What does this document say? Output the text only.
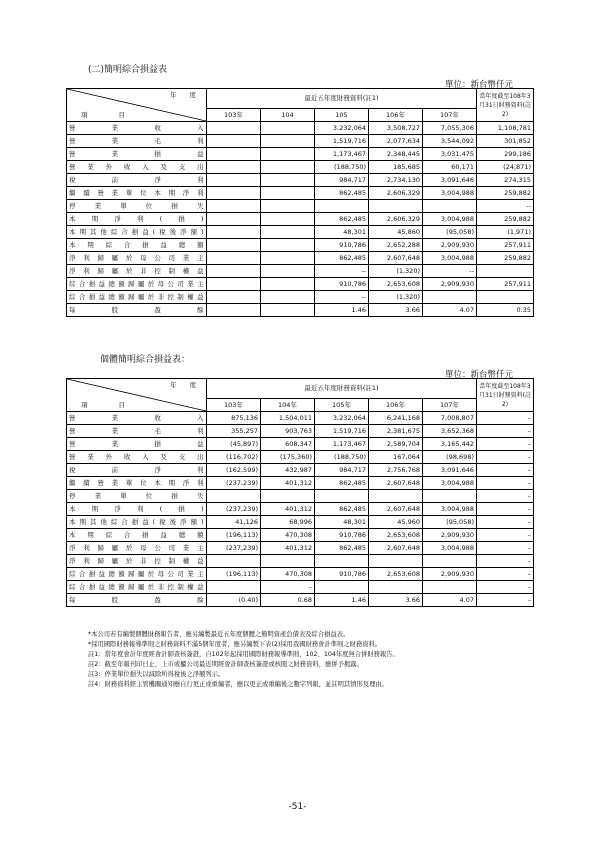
(二)簡明綜合損益表
單位：新台幣仟元
年　　度
項　　目	最近五年度財務資料(註1)					當年度截至108年3月31日財務資料(註2)
	103年	104	105	106年	107年	
營業收入			3,232,064	3,508,727	7,055,306	1,108,781
營業毛利			1,519,716	2,077,634	3,544,092	301,852
營業損益			1,173,467	2,348,445	3,031,475	299,186
營業外收入及支出			(188,750)	185,685	60,171	(24,871)
稅前淨利			984,717	2,734,130	3,091,646	274,315
繼續營業單位本期淨利			862,485	2,606,329	3,004,988	259,882
停業單位損失						--
本期淨利(損)			862,485	2,606,329	3,004,988	259,882
本期其他綜合損益(稅後淨額)			48,301	45,860	(95,058)	(1,971)
本期綜合損益總額			910,786	2,652,288	2,909,930	257,911
淨利歸屬於母公司業主			862,485	2,607,648	3,004,988	259,882
淨利歸屬於非控制權益			--	(1,320)	--	
綜合損益總額歸屬於母公司業主			910,786	2,653,608	2,909,930	257,911
綜合損益總額歸屬於非控制權益			--	(1,320)		
每股盈餘			1.46	3.66	4.07	0.35
個體簡明綜合損益表：
單位：新台幣仟元
年　　度
項　　目	最近五年度財務資料(註1)					當年度截至108年3月31日財務資料(註2)
	103年	104年	105年	106年	107年	
營業收入	875,136	1,504,011	3,232,064	6,241,168	7,008,807	–
營業毛利	355,257	903,763	1,519,716	2,381,675	3,652,368	–
營業損益	(45,897)	608,347	1,173,467	2,589,704	3,165,442	–
營業外收入及支出	(116,702)	(175,360)	(188,750)	167,064	(98,698)	–
稅前淨利	(162,599)	432,987	984,717	2,756,768	3,091,646	–
繼續營業單位本期淨利	(237,239)	401,312	862,485	2,607,648	3,004,988	–
停業單位損失						–
本期淨利(損)	(237,239)	401,312	862,485	2,607,648	3,004,988	–
本期其他綜合損益(稅後淨額)	41,126	68,996	48,301	45,960	(95,058)	–
本期綜合損益總額	(196,113)	470,308	910,786	2,653,608	2,909,930	–
淨利歸屬於母公司業主	(237,239)	401,312	862,485	2,607,648	3,004,988	–
淨利歸屬於非控制權益						–
綜合損益總額歸屬於母公司業主	(196,113)	470,308	910,786	2,653,608	2,909,930	–
綜合損益總額歸屬於非控制權益		–				–
每股盈餘	(0.40)	0.68	1.46	3.66	4.07	–
*本公司若有編製個體財務報告者，應另編製最近五年度個體之簡明資產負債表及綜合損益表。
*採用國際財務報導準則之財務資料不滿5個年度者，應另編製下表(2)採用我國財務會計準則之財務資料。
註1：當年度會計年度經會計師查核簽證，自102年起採用國際財務報導準則，102、104年度無合併財務報告。
註2：截至年報刊印日止，上市或櫃公司最近期經會計師查核簽證或核閱之財務資料，應併予揭露。
註3：停業單位損失以減除所得稅後之淨額列示。
註4：財務資料經主管機關通知應自行更正或重編者，應以更正或重編後之數字列報，並註明其情形及理由。
-51-
